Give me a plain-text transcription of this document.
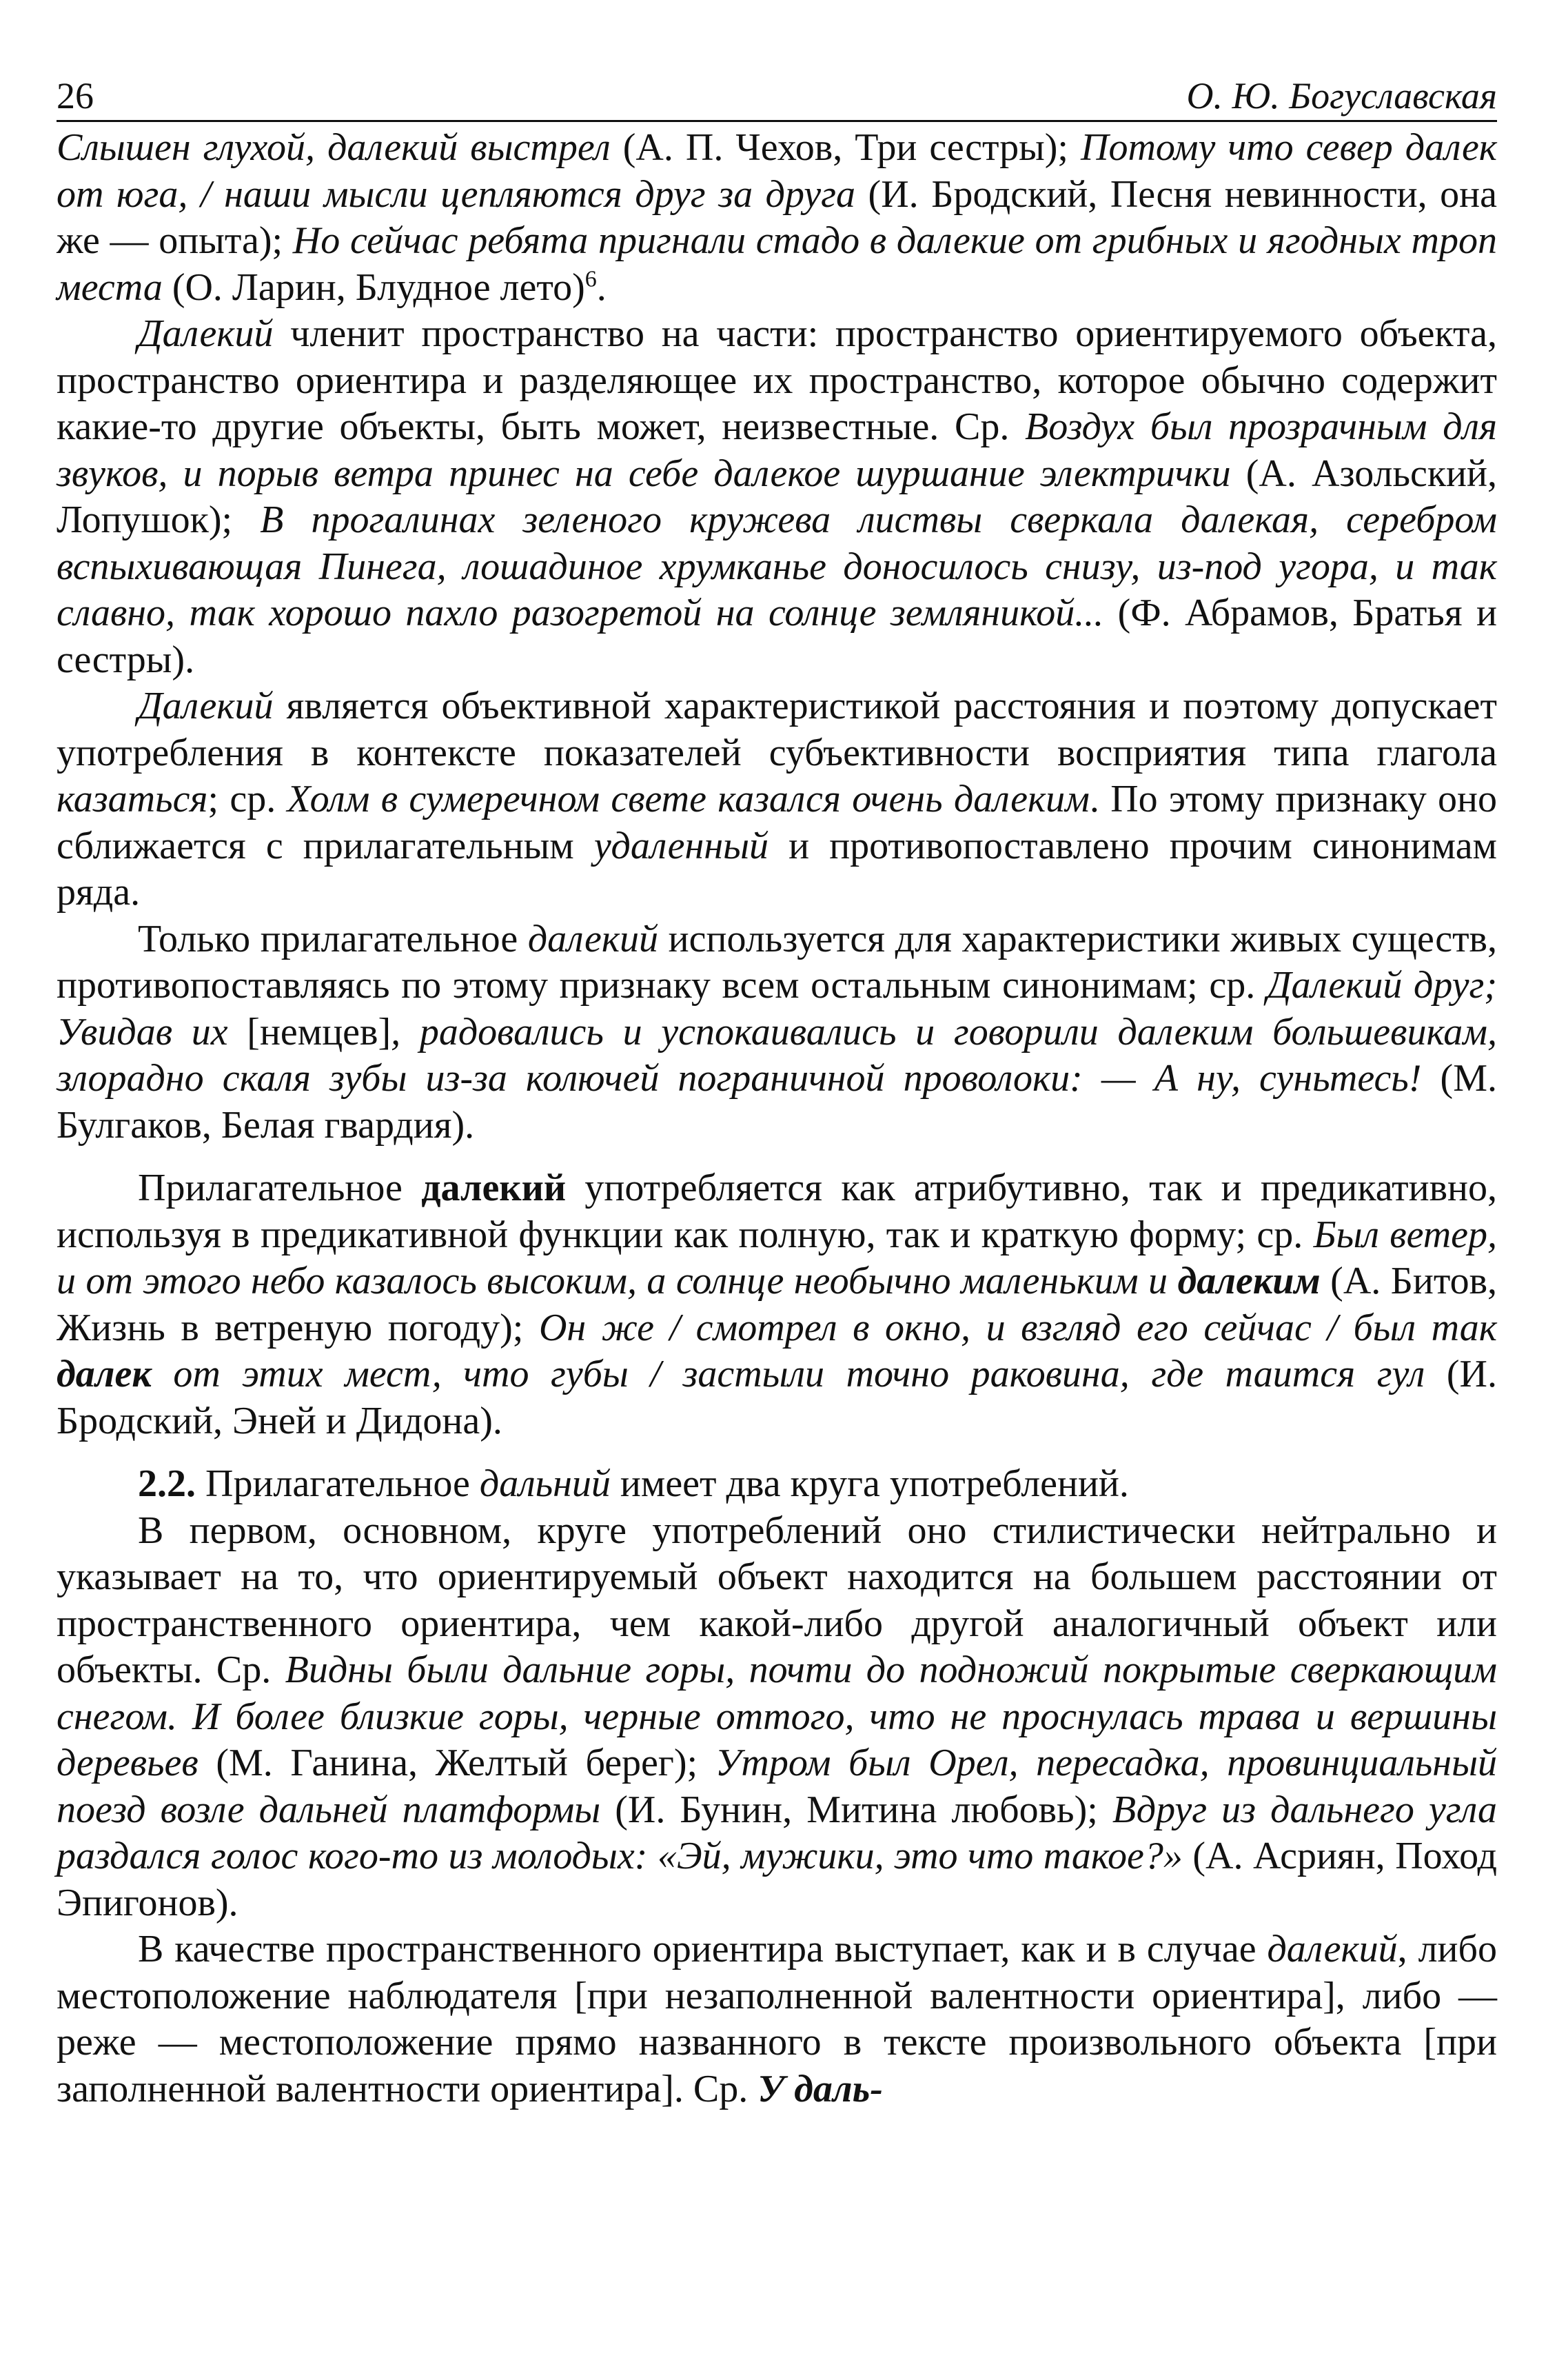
26	О. Ю. Богуславская

Слышен глухой, далекий выстрел (А. П. Чехов, Три сестры); Потому что север далек от юга, / наши мысли цепляются друг за друга (И. Бродский, Песня невинности, она же — опыта); Но сейчас ребята пригнали стадо в далекие от грибных и ягодных троп места (О. Ларин, Блудное лето)$^6$.

Далекий членит пространство на части: пространство ориентируемого объекта, пространство ориентира и разделяющее их пространство, которое обычно содержит какие-то другие объекты, быть может, неизвестные. Ср. Воздух был прозрачным для звуков, и порыв ветра принес на себе далекое шуршание электрички (А. Азольский, Лопушок); В прогалинах зеленого кружева листвы сверкала далекая, серебром вспыхивающая Пинега, лошадиное хрумканье доносилось снизу, из-под угора, и так славно, так хорошо пахло разогретой на солнце земляникой... (Ф. Абрамов, Братья и сестры).

Далекий является объективной характеристикой расстояния и поэтому допускает употребления в контексте показателей субъективности восприятия типа глагола казаться; ср. Холм в сумеречном свете казался очень далеким. По этому признаку оно сближается с прилагательным удаленный и противопоставлено прочим синонимам ряда.

Только прилагательное далекий используется для характеристики живых существ, противопоставляясь по этому признаку всем остальным синонимам; ср. Далекий друг; Увидав их [немцев], радовались и успокаивались и говорили далеким большевикам, злорадно скаля зубы из-за колючей пограничной проволоки: — А ну, суньтесь! (М. Булгаков, Белая гвардия).

Прилагательное далекий употребляется как атрибутивно, так и предикативно, используя в предикативной функции как полную, так и краткую форму; ср. Был ветер, и от этого небо казалось высоким, а солнце необычно маленьким и далеким (А. Битов, Жизнь в ветреную погоду); Он же / смотрел в окно, и взгляд его сейчас / был так далек от этих мест, что губы / застыли точно раковина, где таится гул (И. Бродский, Эней и Дидона).

2.2. Прилагательное дальний имеет два круга употреблений.

В первом, основном, круге употреблений оно стилистически нейтрально и указывает на то, что ориентируемый объект находится на большем расстоянии от пространственного ориентира, чем какой-либо другой аналогичный объект или объекты. Ср. Видны были дальние горы, почти до подножий покрытые сверкающим снегом. И более близкие горы, черные оттого, что не проснулась трава и вершины деревьев (М. Ганина, Желтый берег); Утром был Орел, пересадка, провинциальный поезд возле дальней платформы (И. Бунин, Митина любовь); Вдруг из дальнего угла раздался голос кого-то из молодых: «Эй, мужики, это что такое?» (А. Асриян, Поход Эпигонов).

В качестве пространственного ориентира выступает, как и в случае далекий, либо местоположение наблюдателя [при незаполненной валентности ориентира], либо — реже — местоположение прямо названного в тексте произвольного объекта [при заполненной валентности ориентира]. Ср. У даль-
